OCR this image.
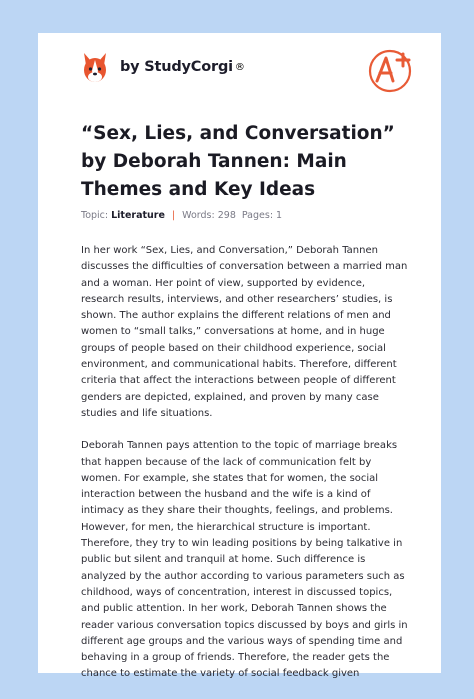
by StudyCorgi ®
“Sex, Lies, and Conversation” by Deborah Tannen: Main Themes and Key Ideas
Topic: Literature | Words: 298 Pages: 1

In her work “Sex, Lies, and Conversation,” Deborah Tannen discusses the difficulties of conversation between a married man and a woman. Her point of view, supported by evidence, research results, interviews, and other researchers’ studies, is shown. The author explains the different relations of men and women to “small talks,” conversations at home, and in huge groups of people based on their childhood experience, social environment, and communicational habits. Therefore, different criteria that affect the interactions between people of different genders are depicted, explained, and proven by many case studies and life situations.

Deborah Tannen pays attention to the topic of marriage breaks that happen because of the lack of communication felt by women. For example, she states that for women, the social interaction between the husband and the wife is a kind of intimacy as they share their thoughts, feelings, and problems. However, for men, the hierarchical structure is important. Therefore, they try to win leading positions by being talkative in public but silent and tranquil at home. Such difference is analyzed by the author according to various parameters such as childhood, ways of concentration, interest in discussed topics, and public attention. In her work, Deborah Tannen shows the reader various conversation topics discussed by boys and girls in different age groups and the various ways of spending time and behaving in a group of friends. Therefore, the reader gets the chance to estimate the variety of social feedback given
